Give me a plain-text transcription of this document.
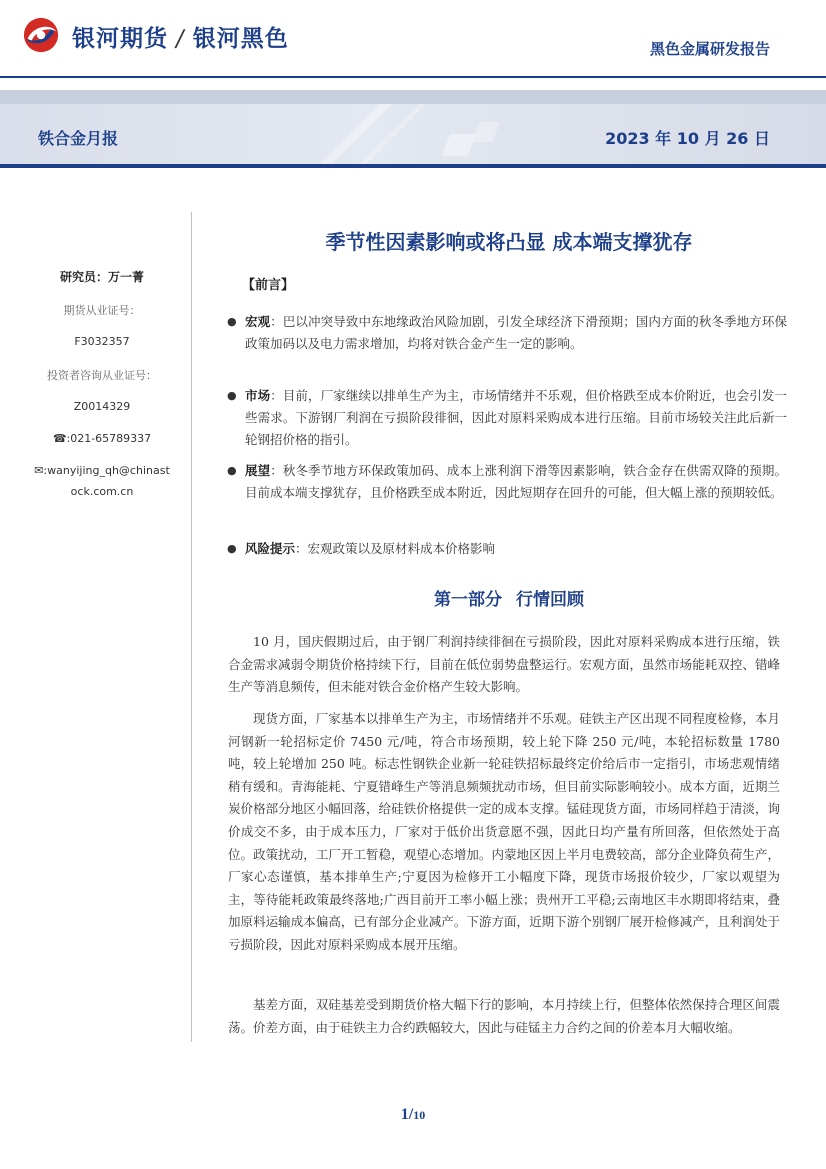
银河期货 / 银河黑色	黑色金属研发报告
铁合金月报	2023 年 10 月 26 日
研究员：万一菁
期货从业证号：
F3032357
投资者咨询从业证号：
Z0014329
☎:021-65789337
✉:wanyijing_qh@chinast
ock.com.cn
季节性因素影响或将凸显 成本端支撑犹存
【前言】
● 宏观：巴以冲突导致中东地缘政治风险加剧，引发全球经济下滑预期；国内方面的秋冬季地方环保政策加码以及电力需求增加，均将对铁合金产生一定的影响。
● 市场：目前，厂家继续以排单生产为主，市场情绪并不乐观，但价格跌至成本价附近，也会引发一些需求。下游钢厂利润在亏损阶段徘徊，因此对原料采购成本进行压缩。目前市场较关注此后新一轮钢招价格的指引。
● 展望：秋冬季节地方环保政策加码、成本上涨利润下滑等因素影响，铁合金存在供需双降的预期。目前成本端支撑犹存，且价格跌至成本附近，因此短期存在回升的可能，但大幅上涨的预期较低。
● 风险提示：宏观政策以及原材料成本价格影响
第一部分 行情回顾
10 月，国庆假期过后，由于钢厂利润持续徘徊在亏损阶段，因此对原料采购成本进行压缩，铁合金需求减弱令期货价格持续下行，目前在低位弱势盘整运行。宏观方面，虽然市场能耗双控、错峰生产等消息频传，但未能对铁合金价格产生较大影响。
现货方面，厂家基本以排单生产为主，市场情绪并不乐观。硅铁主产区出现不同程度检修，本月河钢新一轮招标定价 7450 元/吨，符合市场预期，较上轮下降 250 元/吨，本轮招标数量 1780 吨，较上轮增加 250 吨。标志性钢铁企业新一轮硅铁招标最终定价给后市一定指引，市场悲观情绪稍有缓和。青海能耗、宁夏错峰生产等消息频频扰动市场，但目前实际影响较小。成本方面，近期兰炭价格部分地区小幅回落，给硅铁价格提供一定的成本支撑。锰硅现货方面，市场同样趋于清淡，询价成交不多，由于成本压力，厂家对于低价出货意愿不强，因此日均产量有所回落，但依然处于高位。政策扰动，工厂开工暂稳，观望心态增加。内蒙地区因上半月电费较高，部分企业降负荷生产，厂家心态谨慎，基本排单生产;宁夏因为检修开工小幅度下降，现货市场报价较少，厂家以观望为主，等待能耗政策最终落地;广西目前开工率小幅上涨；贵州开工平稳;云南地区丰水期即将结束，叠加原料运输成本偏高，已有部分企业减产。下游方面，近期下游个别钢厂展开检修减产，且利润处于亏损阶段，因此对原料采购成本展开压缩。
基差方面，双硅基差受到期货价格大幅下行的影响，本月持续上行，但整体依然保持合理区间震荡。价差方面，由于硅铁主力合约跌幅较大，因此与硅锰主力合约之间的价差本月大幅收缩。
1/10
